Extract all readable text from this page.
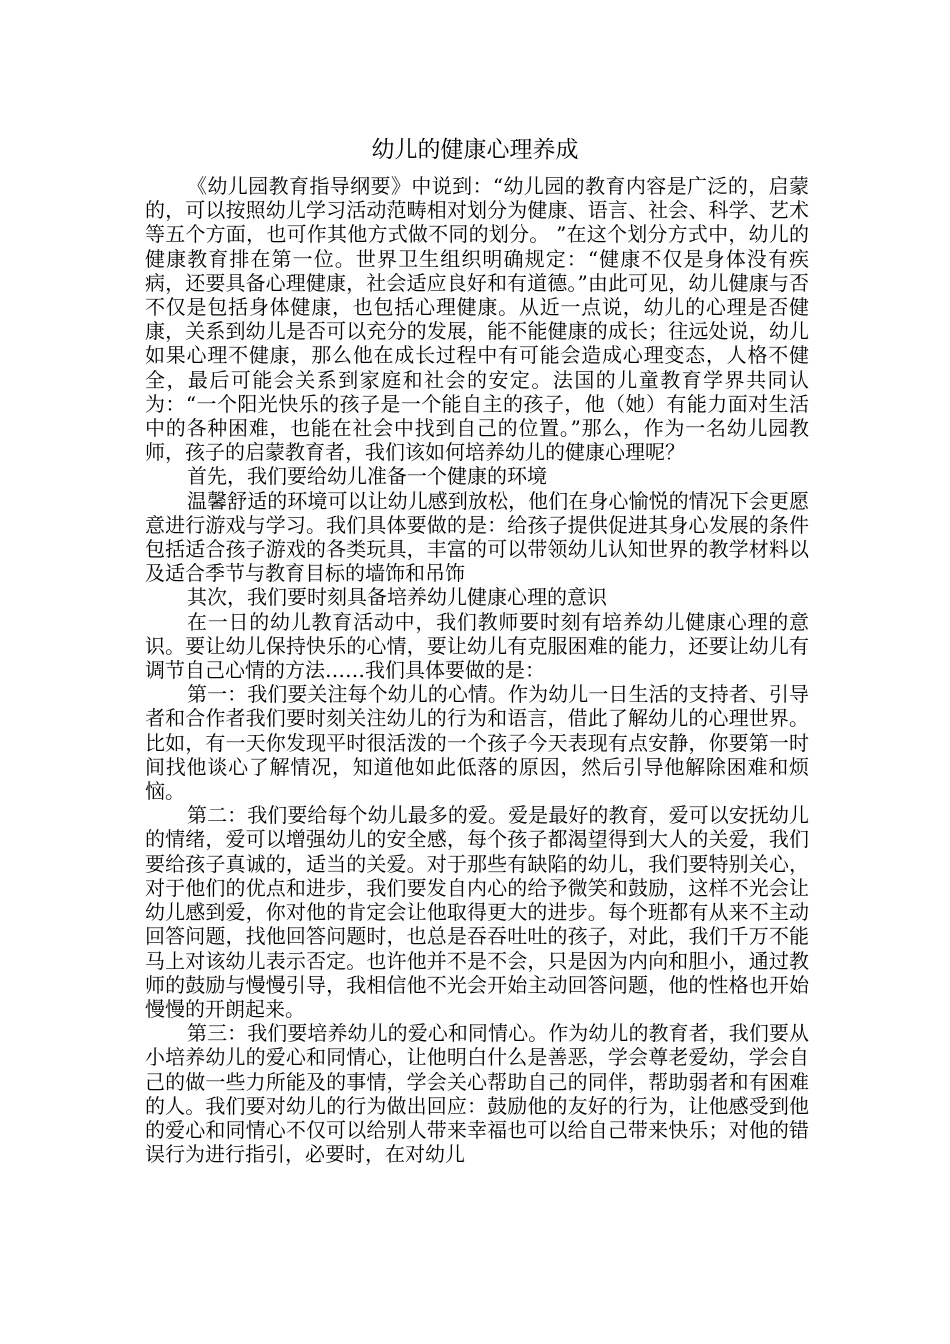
幼儿的健康心理养成

《幼儿园教育指导纲要》中说到：“幼儿园的教育内容是广泛的，启蒙的，可以按照幼儿学习活动范畴相对划分为健康、语言、社会、科学、艺术等五个方面，也可作其他方式做不同的划分。 ”在这个划分方式中，幼儿的健康教育排在第一位。世界卫生组织明确规定：“健康不仅是身体没有疾病，还要具备心理健康，社会适应良好和有道德。”由此可见，幼儿健康与否不仅是包括身体健康，也包括心理健康。从近一点说，幼儿的心理是否健康，关系到幼儿是否可以充分的发展，能不能健康的成长；往远处说，幼儿如果心理不健康，那么他在成长过程中有可能会造成心理变态，人格不健全，最后可能会关系到家庭和社会的安定。法国的儿童教育学界共同认为：“一个阳光快乐的孩子是一个能自主的孩子，他（她）有能力面对生活中的各种困难，也能在社会中找到自己的位置。”那么，作为一名幼儿园教师，孩子的启蒙教育者，我们该如何培养幼儿的健康心理呢？

首先，我们要给幼儿准备一个健康的环境

温馨舒适的环境可以让幼儿感到放松，他们在身心愉悦的情况下会更愿意进行游戏与学习。我们具体要做的是：给孩子提供促进其身心发展的条件包括适合孩子游戏的各类玩具，丰富的可以带领幼儿认知世界的教学材料以及适合季节与教育目标的墙饰和吊饰

其次，我们要时刻具备培养幼儿健康心理的意识

在一日的幼儿教育活动中，我们教师要时刻有培养幼儿健康心理的意识。要让幼儿保持快乐的心情，要让幼儿有克服困难的能力，还要让幼儿有调节自己心情的方法……我们具体要做的是：

第一：我们要关注每个幼儿的心情。作为幼儿一日生活的支持者、引导者和合作者我们要时刻关注幼儿的行为和语言，借此了解幼儿的心理世界。比如，有一天你发现平时很活泼的一个孩子今天表现有点安静，你要第一时间找他谈心了解情况，知道他如此低落的原因，然后引导他解除困难和烦恼。

第二：我们要给每个幼儿最多的爱。爱是最好的教育，爱可以安抚幼儿的情绪，爱可以增强幼儿的安全感，每个孩子都渴望得到大人的关爱，我们要给孩子真诚的，适当的关爱。对于那些有缺陷的幼儿，我们要特别关心，对于他们的优点和进步，我们要发自内心的给予微笑和鼓励，这样不光会让幼儿感到爱，你对他的肯定会让他取得更大的进步。每个班都有从来不主动回答问题，找他回答问题时，也总是吞吞吐吐的孩子，对此，我们千万不能马上对该幼儿表示否定。也许他并不是不会，只是因为内向和胆小，通过教师的鼓励与慢慢引导，我相信他不光会开始主动回答问题，他的性格也开始慢慢的开朗起来。

第三：我们要培养幼儿的爱心和同情心。作为幼儿的教育者，我们要从小培养幼儿的爱心和同情心，让他明白什么是善恶，学会尊老爱幼，学会自己的做一些力所能及的事情，学会关心帮助自己的同伴，帮助弱者和有困难的人。我们要对幼儿的行为做出回应：鼓励他的友好的行为，让他感受到他的爱心和同情心不仅可以给别人带来幸福也可以给自己带来快乐；对他的错误行为进行指引，必要时，在对幼儿
